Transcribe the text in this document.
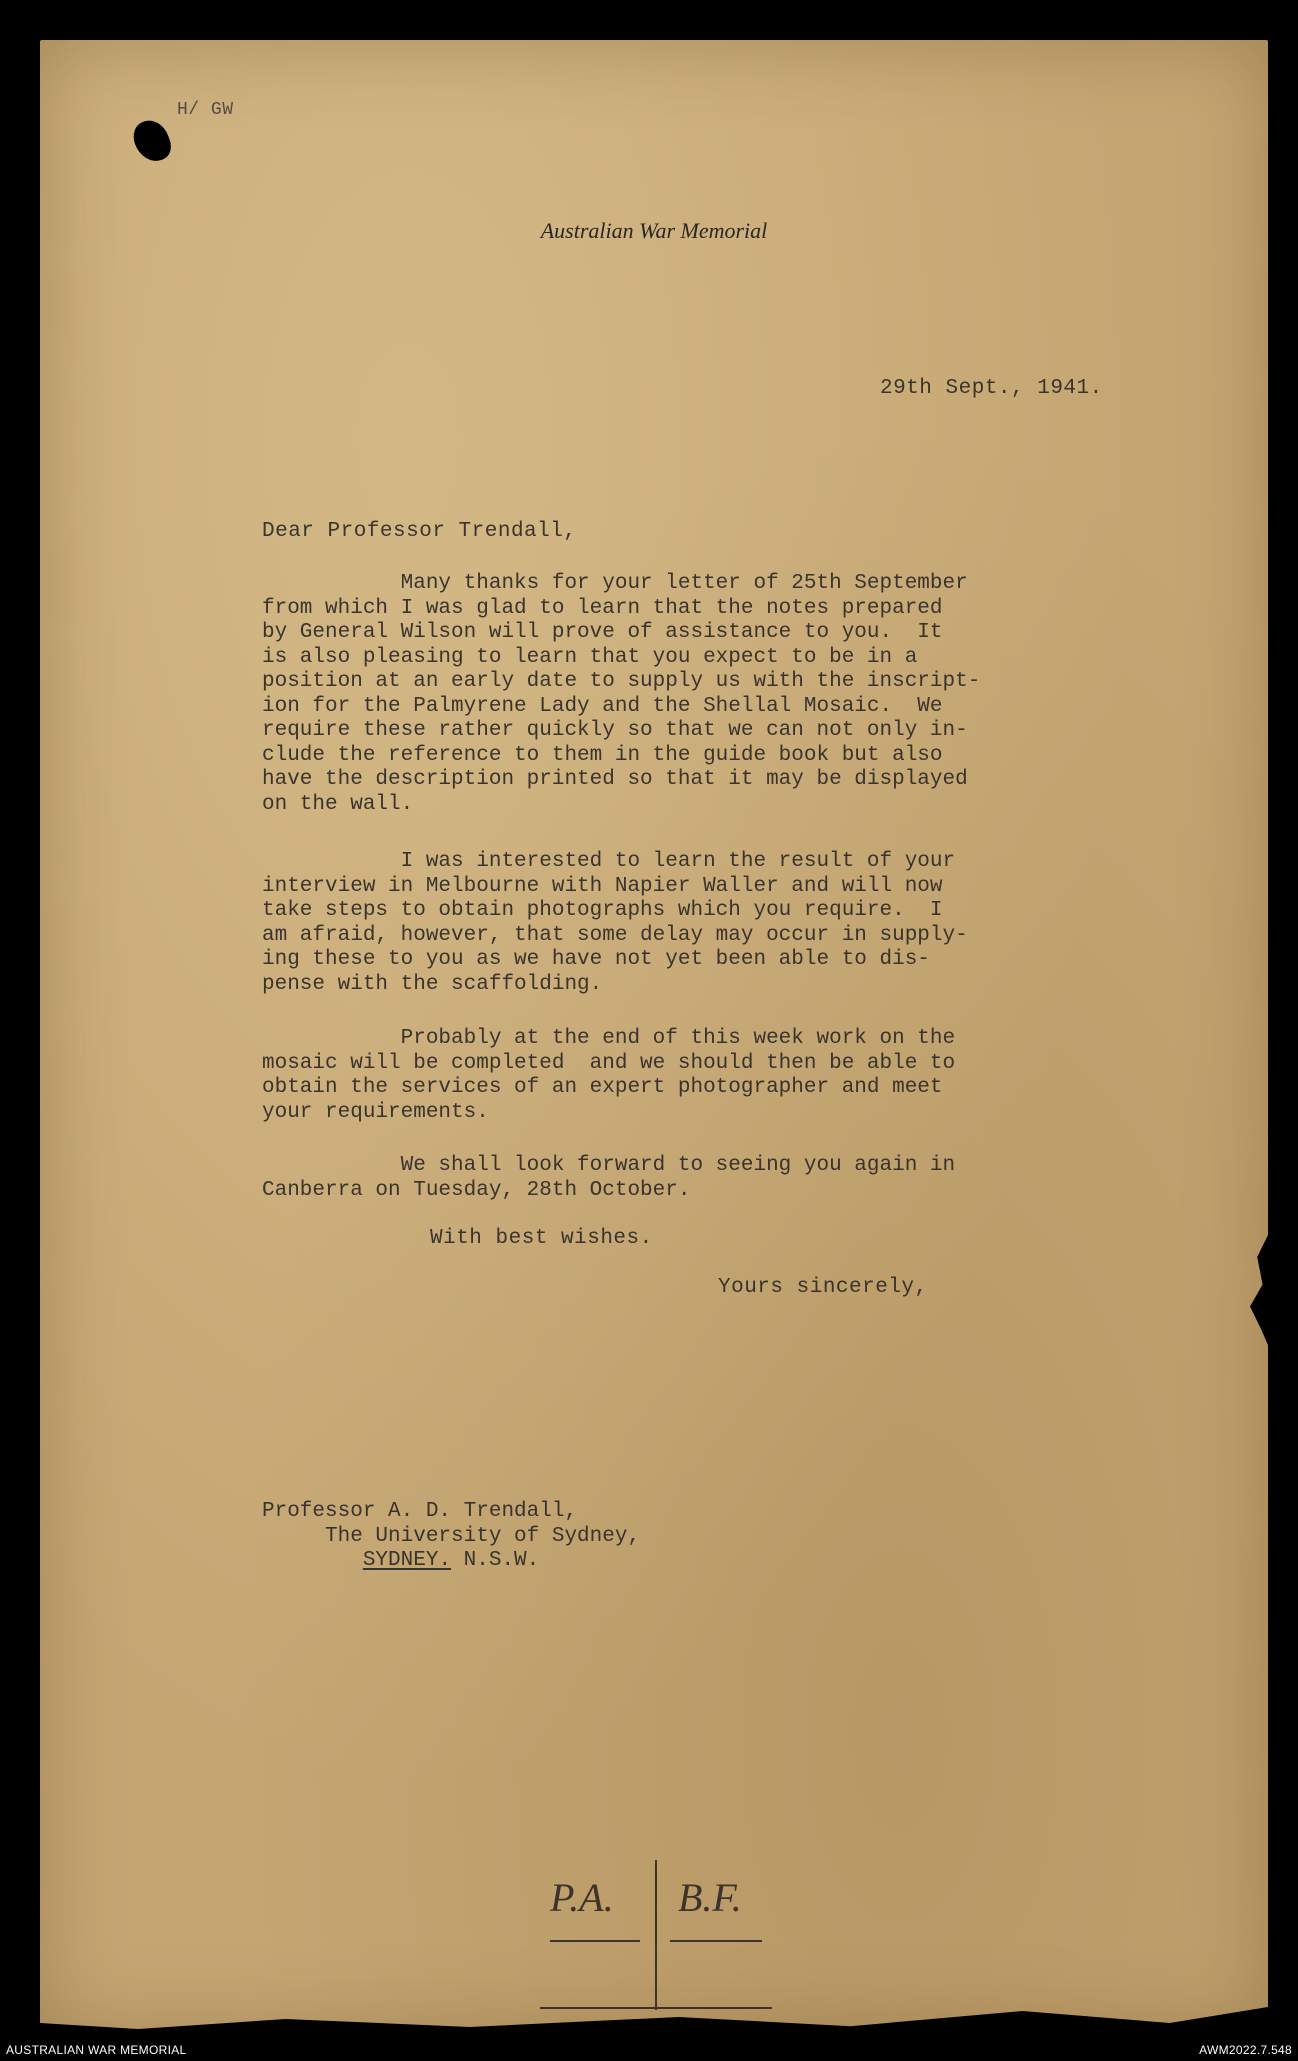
H/ GW
Australian War Memorial
29th Sept., 1941.
Dear Professor Trendall,
Many thanks for your letter of 25th September
from which I was glad to learn that the notes prepared
by General Wilson will prove of assistance to you.  It
is also pleasing to learn that you expect to be in a
position at an early date to supply us with the inscript-
ion for the Palmyrene Lady and the Shellal Mosaic.  We
require these rather quickly so that we can not only in-
clude the reference to them in the guide book but also
have the description printed so that it may be displayed
on the wall.
I was interested to learn the result of your
interview in Melbourne with Napier Waller and will now
take steps to obtain photographs which you require.  I
am afraid, however, that some delay may occur in supply-
ing these to you as we have not yet been able to dis-
pense with the scaffolding.
Probably at the end of this week work on the
mosaic will be completed  and we should then be able to
obtain the services of an expert photographer and meet
your requirements.
We shall look forward to seeing you again in
Canberra on Tuesday, 28th October.
With best wishes.
Yours sincerely,
Professor A. D. Trendall,
The University of Sydney,
SYDNEY. N.S.W.
P.A. B.F.
AUSTRALIAN WAR MEMORIAL	AWM2022.7.548
